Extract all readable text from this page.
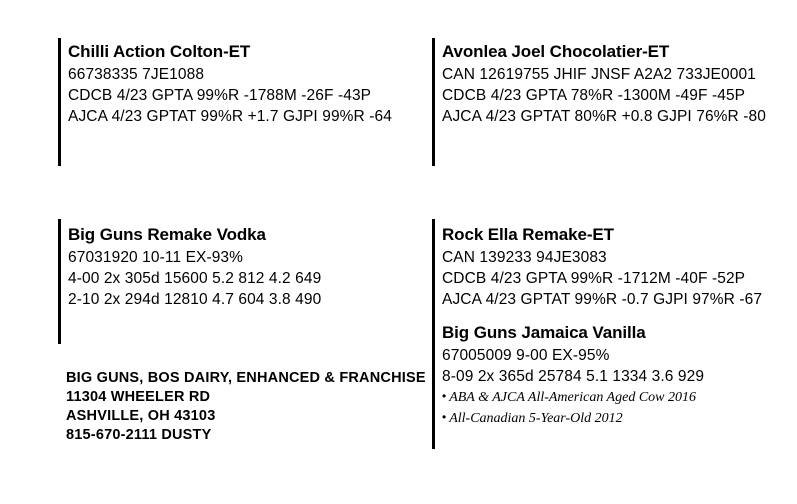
Chilli Action Colton-ET

66738335 7JE1088

CDCB 4/23 GPTA 99%R -1788M -26F -43P

AJCA 4/23 GPTAT 99%R +1.7 GJPI 99%R -64

Avonlea Joel Chocolatier-ET

CAN 12619755 JHIF JNSF A2A2 733JE0001

CDCB 4/23 GPTA 78%R -1300M -49F -45P

AJCA 4/23 GPTAT 80%R +0.8 GJPI 76%R -80

Big Guns Remake Vodka

67031920 10-11 EX-93%

4-00 2x 305d 15600 5.2 812 4.2 649

2-10 2x 294d 12810 4.7 604 3.8 490

Rock Ella Remake-ET

CAN 139233 94JE3083

CDCB 4/23 GPTA 99%R -1712M -40F -52P

AJCA 4/23 GPTAT 99%R -0.7 GJPI 97%R -67

Big Guns Jamaica Vanilla

67005009 9-00 EX-95%

8-09 2x 365d 25784 5.1 1334 3.6 929

• ABA & AJCA All-American Aged Cow 2016

• All-Canadian 5-Year-Old 2012

BIG GUNS, BOS DAIRY, ENHANCED & FRANCHISE

11304 WHEELER RD

ASHVILLE, OH 43103

815-670-2111 DUSTY
